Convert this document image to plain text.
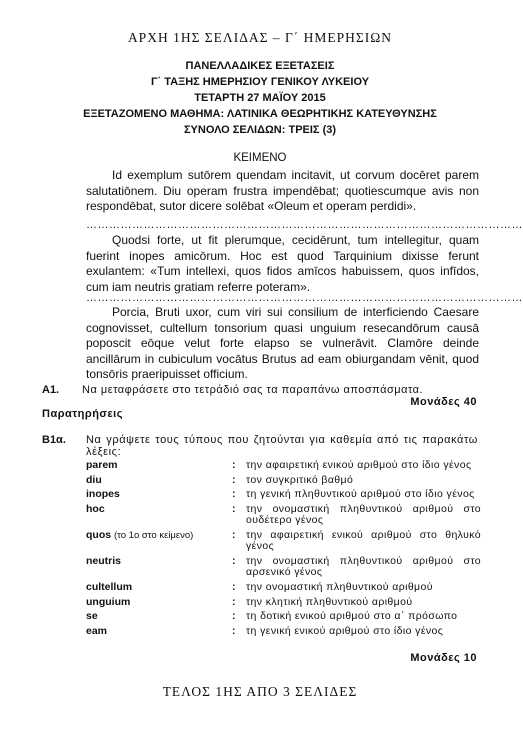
ΑΡΧΗ 1ΗΣ ΣΕΛΙΔΑΣ – Γ΄ ΗΜΕΡΗΣΙΩΝ
ΠΑΝΕΛΛΑΔΙΚΕΣ ΕΞΕΤΑΣΕΙΣ
Γ΄ ΤΑΞΗΣ ΗΜΕΡΗΣΙΟΥ ΓΕΝΙΚΟΥ ΛΥΚΕΙΟΥ
ΤΕΤΑΡΤΗ 27 ΜΑΪΟΥ 2015
ΕΞΕΤΑΖΟΜΕΝΟ ΜΑΘΗΜΑ: ΛΑΤΙΝΙΚΑ ΘΕΩΡΗΤΙΚΗΣ ΚΑΤΕΥΘΥΝΣΗΣ
ΣΥΝΟΛΟ ΣΕΛΙΔΩΝ: ΤΡΕΙΣ (3)
ΚΕΙΜΕΝΟ

Id exemplum sutōrem quendam incitavit, ut corvum docēret parem salutatiōnem. Diu operam frustra impendēbat; quotiescumque avis non respondēbat, sutor dicere solēbat «Oleum et operam perdidi».

……………………………………………………………………………………………………

Quodsi forte, ut fit plerumque, cecidērunt, tum intellegitur, quam fuerint inopes amicōrum. Hoc est quod Tarquinium dixisse ferunt exulantem: «Tum intellexi, quos fidos amīcos habuissem, quos infīdos, cum iam neutris gratiam referre poteram».

……………………………………………………………………………………………………

Porcia, Bruti uxor, cum viri sui consilium de interficiendo Caesare cognovisset, cultellum tonsorium quasi unguium resecandōrum causā poposcit eōque velut forte elapso se vulnerāvit. Clamōre deinde ancillārum in cubiculum vocātus Brutus ad eam obiurgandam vēnit, quod tonsōris praeripuisset officium.

Α1. Να μεταφράσετε στο τετράδιό σας τα παραπάνω αποσπάσματα.
Μονάδες 40
Παρατηρήσεις
Β1α. Να γράψετε τους τύπους που ζητούνται για καθεμία από τις παρακάτω λέξεις:
parem	:	την αφαιρετική ενικού αριθμού στο ίδιο γένος
diu	:	τον συγκριτικό βαθμό
inopes	:	τη γενική πληθυντικού αριθμού στο ίδιο γένος
hoc	:	την ονομαστική πληθυντικού αριθμού στο ουδέτερο γένος
quos (το 1ο στο κείμενο)	:	την αφαιρετική ενικού αριθμού στο θηλυκό γένος
neutris	:	την ονομαστική πληθυντικού αριθμού στο αρσενικό γένος
cultellum	:	την ονομαστική πληθυντικού αριθμού
unguium	:	την κλητική πληθυντικού αριθμού
se	:	τη δοτική ενικού αριθμού στο α΄ πρόσωπο
eam	:	τη γενική ενικού αριθμού στο ίδιο γένος
Μονάδες 10
ΤΕΛΟΣ 1ΗΣ ΑΠΟ 3 ΣΕΛΙΔΕΣ
